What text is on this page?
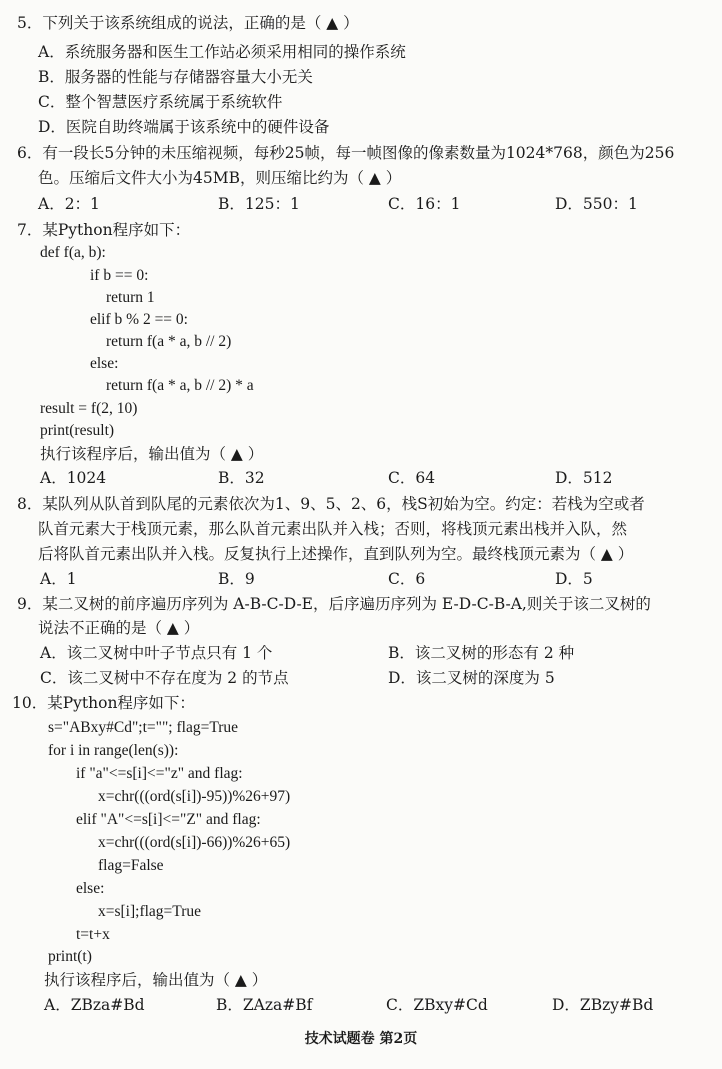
5．下列关于该系统组成的说法，正确的是（ ▲ ）
A．系统服务器和医生工作站必须采用相同的操作系统
B．服务器的性能与存储器容量大小无关
C．整个智慧医疗系统属于系统软件
D．医院自助终端属于该系统中的硬件设备
6．有一段长5分钟的未压缩视频，每秒25帧，每一帧图像的像素数量为1024*768，颜色为256
色。压缩后文件大小为45MB，则压缩比约为（ ▲ ）
A．2：1	B．125：1	C．16：1	D．550：1
7．某Python程序如下：
def f(a, b):
if b == 0:
return 1
elif b % 2 == 0:
return f(a * a, b // 2)
else:
return f(a * a, b // 2) * a
result = f(2, 10)
print(result)
执行该程序后，输出值为（ ▲ ）
A．1024	B．32	C．64	D．512
8．某队列从队首到队尾的元素依次为1、9、5、2、6，栈S初始为空。约定：若栈为空或者
队首元素大于栈顶元素，那么队首元素出队并入栈；否则，将栈顶元素出栈并入队，然
后将队首元素出队并入栈。反复执行上述操作，直到队列为空。最终栈顶元素为（ ▲ ）
A．1	B．9	C．6	D．5
9．某二叉树的前序遍历序列为 A-B-C-D-E，后序遍历序列为 E-D-C-B-A,则关于该二叉树的
说法不正确的是（ ▲ ）
A．该二叉树中叶子节点只有 1 个	B．该二叉树的形态有 2 种
C．该二叉树中不存在度为 2 的节点	D．该二叉树的深度为 5
10．某Python程序如下：
s="ABxy#Cd";t=""; flag=True
for i in range(len(s)):
if "a"<=s[i]<="z" and flag:
x=chr(((ord(s[i])-95))%26+97)
elif "A"<=s[i]<="Z" and flag:
x=chr(((ord(s[i])-66))%26+65)
flag=False
else:
x=s[i];flag=True
t=t+x
print(t)
执行该程序后，输出值为（ ▲ ）
A．ZBza#Bd	B．ZAza#Bf	C．ZBxy#Cd	D．ZBzy#Bd
技术试题卷 第2页
